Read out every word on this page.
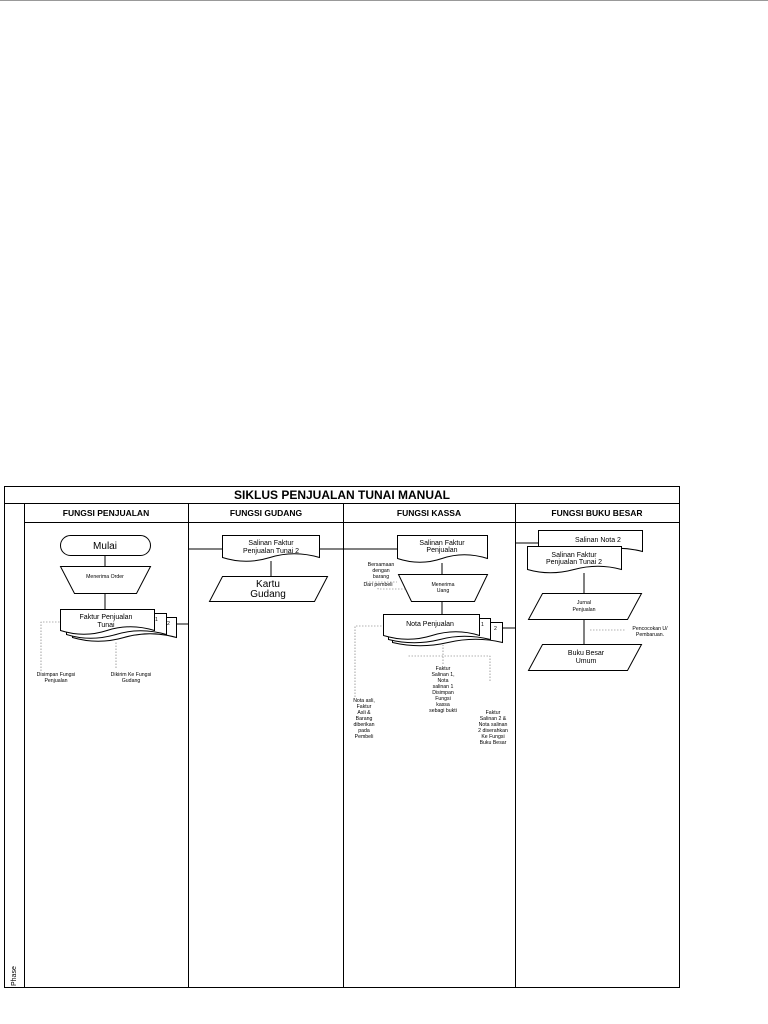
SIKLUS PENJUALAN TUNAI MANUAL
FUNGSI PENJUALAN	FUNGSI GUDANG	FUNGSI KASSA	FUNGSI BUKU BESAR
Phase
Mulai
Menerima Order
Faktur Penjualan
Tunai
1
2
Disimpan Fungsi
Penjualan
Dikirim Ke Fungsi
Gudang
Salinan Faktur
Penjualan Tunai 2
Kartu
Gudang
Salinan Faktur
Penjualan
Menerima
Uang
Bersamaan
dengan
barang
Dari pembeli
Nota Penjualan	1
2
Faktur
Salinan 1,
Nota
salinan 1
Disimpan
Fungsi
kassa
sebagi bukti
Nota asli,
Faktur
Asli &
Barang
diberikan
pada
Pembeli
Faktur
Salinan 2 &
Nota salinan
2 diserahkan
Ke Fungsi
Buku Besar
Salinan Nota 2
Salinan Faktur
Penjualan Tunai 2
Jurnal
Penjualan
Pencocokan U/
Pembaruan.
Buku Besar
Umum
